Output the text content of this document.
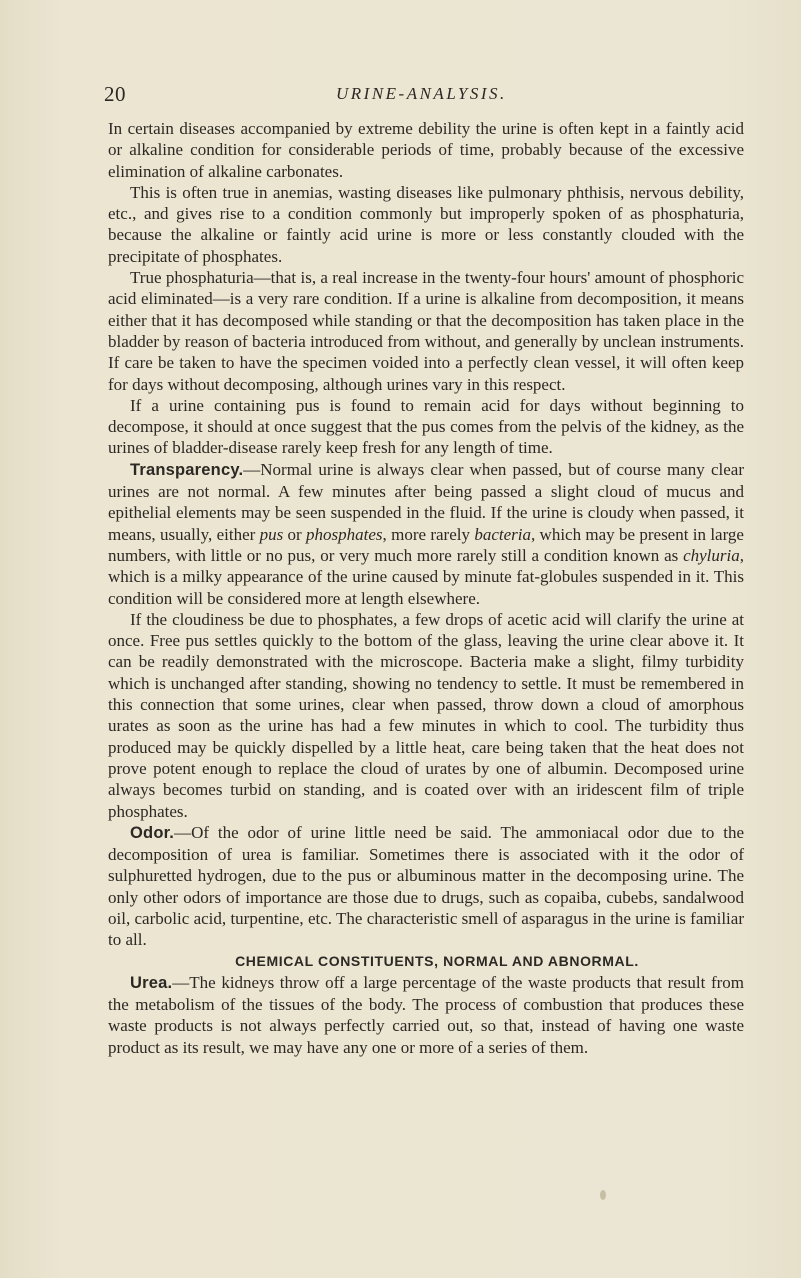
20	URINE-ANALYSIS.

In certain diseases accompanied by extreme debility the urine is often kept in a faintly acid or alkaline condition for considerable periods of time, probably because of the excessive elimination of alkaline carbonates.

This is often true in anemias, wasting diseases like pulmonary phthisis, nervous debility, etc., and gives rise to a condition commonly but improperly spoken of as phosphaturia, because the alkaline or faintly acid urine is more or less constantly clouded with the precipitate of phosphates.

True phosphaturia—that is, a real increase in the twenty-four hours' amount of phosphoric acid eliminated—is a very rare condition. If a urine is alkaline from decomposition, it means either that it has decomposed while standing or that the decomposition has taken place in the bladder by reason of bacteria introduced from without, and generally by unclean instruments. If care be taken to have the specimen voided into a perfectly clean vessel, it will often keep for days without decomposing, although urines vary in this respect.

If a urine containing pus is found to remain acid for days without beginning to decompose, it should at once suggest that the pus comes from the pelvis of the kidney, as the urines of bladder-disease rarely keep fresh for any length of time.

Transparency.—Normal urine is always clear when passed, but of course many clear urines are not normal. A few minutes after being passed a slight cloud of mucus and epithelial elements may be seen suspended in the fluid. If the urine is cloudy when passed, it means, usually, either pus or phosphates, more rarely bacteria, which may be present in large numbers, with little or no pus, or very much more rarely still a condition known as chyluria, which is a milky appearance of the urine caused by minute fat-globules suspended in it. This condition will be considered more at length elsewhere.

If the cloudiness be due to phosphates, a few drops of acetic acid will clarify the urine at once. Free pus settles quickly to the bottom of the glass, leaving the urine clear above it. It can be readily demonstrated with the microscope. Bacteria make a slight, filmy turbidity which is unchanged after standing, showing no tendency to settle. It must be remembered in this connection that some urines, clear when passed, throw down a cloud of amorphous urates as soon as the urine has had a few minutes in which to cool. The turbidity thus produced may be quickly dispelled by a little heat, care being taken that the heat does not prove potent enough to replace the cloud of urates by one of albumin. Decomposed urine always becomes turbid on standing, and is coated over with an iridescent film of triple phosphates.

Odor.—Of the odor of urine little need be said. The ammoniacal odor due to the decomposition of urea is familiar. Sometimes there is associated with it the odor of sulphuretted hydrogen, due to the pus or albuminous matter in the decomposing urine. The only other odors of importance are those due to drugs, such as copaiba, cubebs, sandalwood oil, carbolic acid, turpentine, etc. The characteristic smell of asparagus in the urine is familiar to all.

CHEMICAL CONSTITUENTS, NORMAL AND ABNORMAL.

Urea.—The kidneys throw off a large percentage of the waste products that result from the metabolism of the tissues of the body. The process of combustion that produces these waste products is not always perfectly carried out, so that, instead of having one waste product as its result, we may have any one or more of a series of them.
